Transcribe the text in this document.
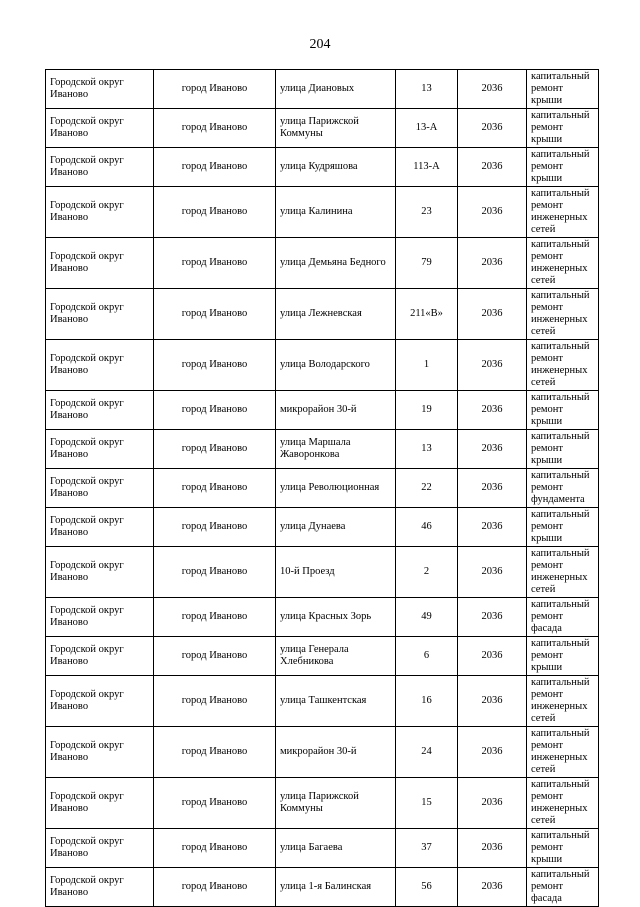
204
Городской округ Иваново	город Иваново	улица Диановых	13	2036	капитальный ремонт крыши
Городской округ Иваново	город Иваново	улица Парижской Коммуны	13-А	2036	капитальный ремонт крыши
Городской округ Иваново	город Иваново	улица Кудряшова	113-А	2036	капитальный ремонт крыши
Городской округ Иваново	город Иваново	улица Калинина	23	2036	капитальный ремонт инженерных сетей
Городской округ Иваново	город Иваново	улица Демьяна Бедного	79	2036	капитальный ремонт инженерных сетей
Городской округ Иваново	город Иваново	улица Лежневская	211«В»	2036	капитальный ремонт инженерных сетей
Городской округ Иваново	город Иваново	улица Володарского	1	2036	капитальный ремонт инженерных сетей
Городской округ Иваново	город Иваново	микрорайон 30-й	19	2036	капитальный ремонт крыши
Городской округ Иваново	город Иваново	улица Маршала Жаворонкова	13	2036	капитальный ремонт крыши
Городской округ Иваново	город Иваново	улица Революционная	22	2036	капитальный ремонт фундамента
Городской округ Иваново	город Иваново	улица Дунаева	46	2036	капитальный ремонт крыши
Городской округ Иваново	город Иваново	10-й Проезд	2	2036	капитальный ремонт инженерных сетей
Городской округ Иваново	город Иваново	улица Красных Зорь	49	2036	капитальный ремонт фасада
Городской округ Иваново	город Иваново	улица Генерала Хлебникова	6	2036	капитальный ремонт крыши
Городской округ Иваново	город Иваново	улица Ташкентская	16	2036	капитальный ремонт инженерных сетей
Городской округ Иваново	город Иваново	микрорайон 30-й	24	2036	капитальный ремонт инженерных сетей
Городской округ Иваново	город Иваново	улица Парижской Коммуны	15	2036	капитальный ремонт инженерных сетей
Городской округ Иваново	город Иваново	улица Багаева	37	2036	капитальный ремонт крыши
Городской округ Иваново	город Иваново	улица 1-я Балинская	56	2036	капитальный ремонт фасада
